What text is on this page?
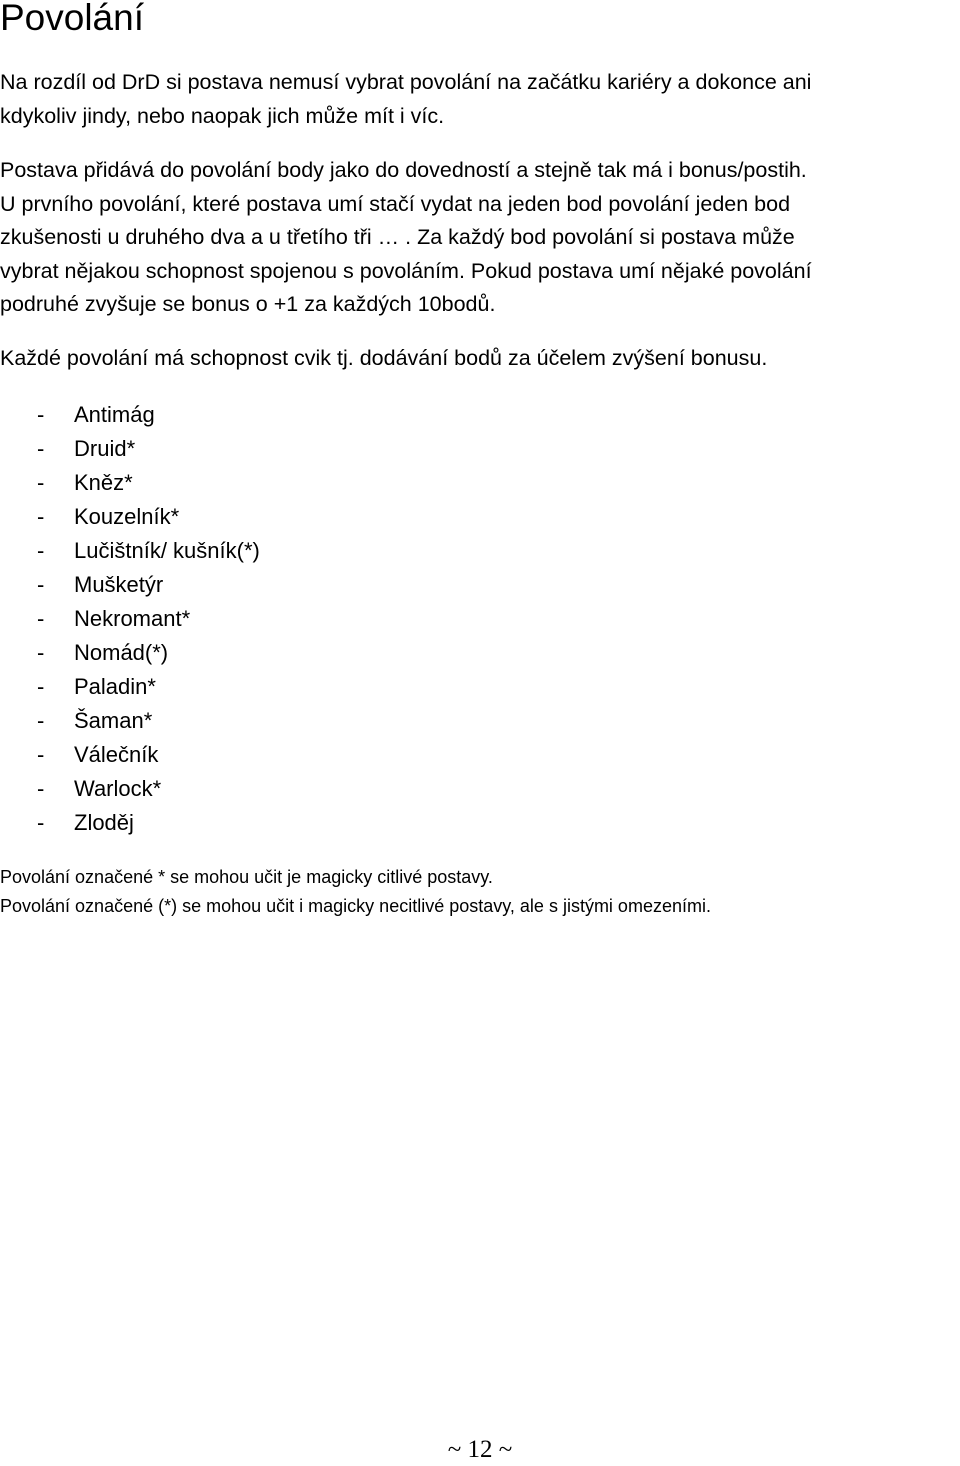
Povolání

Na rozdíl od DrD si postava nemusí vybrat povolání na začátku kariéry a dokonce ani
kdykoliv jindy, nebo naopak jich může mít i víc.

Postava přidává do povolání body jako do dovedností a stejně tak má i bonus/postih.
U prvního povolání, které postava umí stačí vydat na jeden bod povolání jeden bod
zkušenosti u druhého dva a u třetího tři … . Za každý bod povolání si postava může
vybrat nějakou schopnost spojenou s povoláním. Pokud postava umí nějaké povolání
podruhé zvyšuje se bonus o +1 za každých 10bodů.

Každé povolání má schopnost cvik tj. dodávání bodů za účelem zvýšení bonusu.

- Antimág
- Druid*
- Kněz*
- Kouzelník*
- Lučištník/ kušník(*)
- Mušketýr
- Nekromant*
- Nomád(*)
- Paladin*
- Šaman*
- Válečník
- Warlock*
- Zloděj

Povolání označené * se mohou učit je magicky citlivé postavy.

Povolání označené (*) se mohou učit i magicky necitlivé postavy, ale s jistými omezeními.

~ 12 ~
